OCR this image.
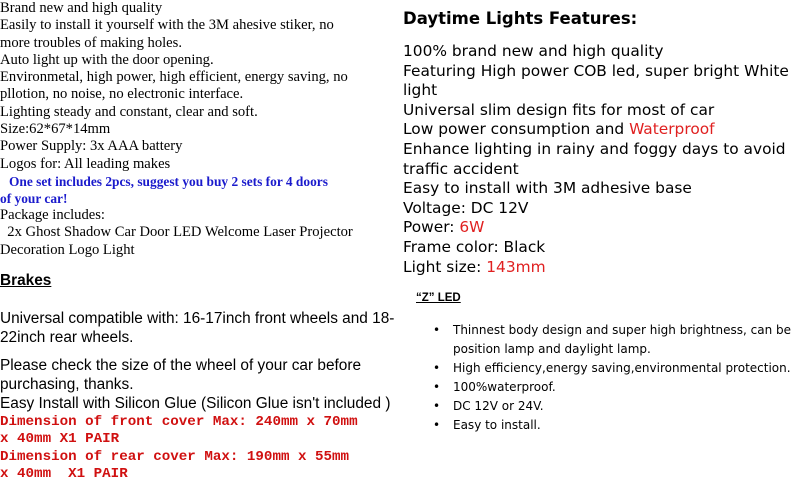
Brand new and high quality
Easily to install it yourself with the 3M ahesive stiker, no
more troubles of making holes.
Auto light up with the door opening.
Environmetal, high power, high efficient, energy saving, no
pllotion, no noise, no electronic interface.
Lighting steady and constant, clear and soft.
Size:62*67*14mm
Power Supply: 3x AAA battery
Logos for: All leading makes
One set includes 2pcs, suggest you buy 2 sets for 4 doors
of your car!
Package includes:
2x Ghost Shadow Car Door LED Welcome Laser Projector
Decoration Logo Light
Brakes
Universal compatible with: 16-17inch front wheels and 18-
22inch rear wheels.
Please check the size of the wheel of your car before
purchasing, thanks.
Easy Install with Silicon Glue (Silicon Glue isn't included )
Dimension of front cover Max: 240mm x 70mm
x 40mm X1 PAIR
Dimension of rear cover Max: 190mm x 55mm
x 40mm  X1 PAIR
Daytime Lights Features:
100% brand new and high quality
Featuring High power COB led, super bright White light
Universal slim design fits for most of car
Low power consumption and Waterproof
Enhance lighting in rainy and foggy days to avoid traffic accident
Easy to install with 3M adhesive base
Voltage: DC 12V
Power: 6W
Frame color: Black
Light size: 143mm
“Z” LED
• Thinnest body design and super high brightness, can be position lamp and daylight lamp.
• High efficiency,energy saving,environmental protection.
• 100%waterproof.
• DC 12V or 24V.
• Easy to install.
